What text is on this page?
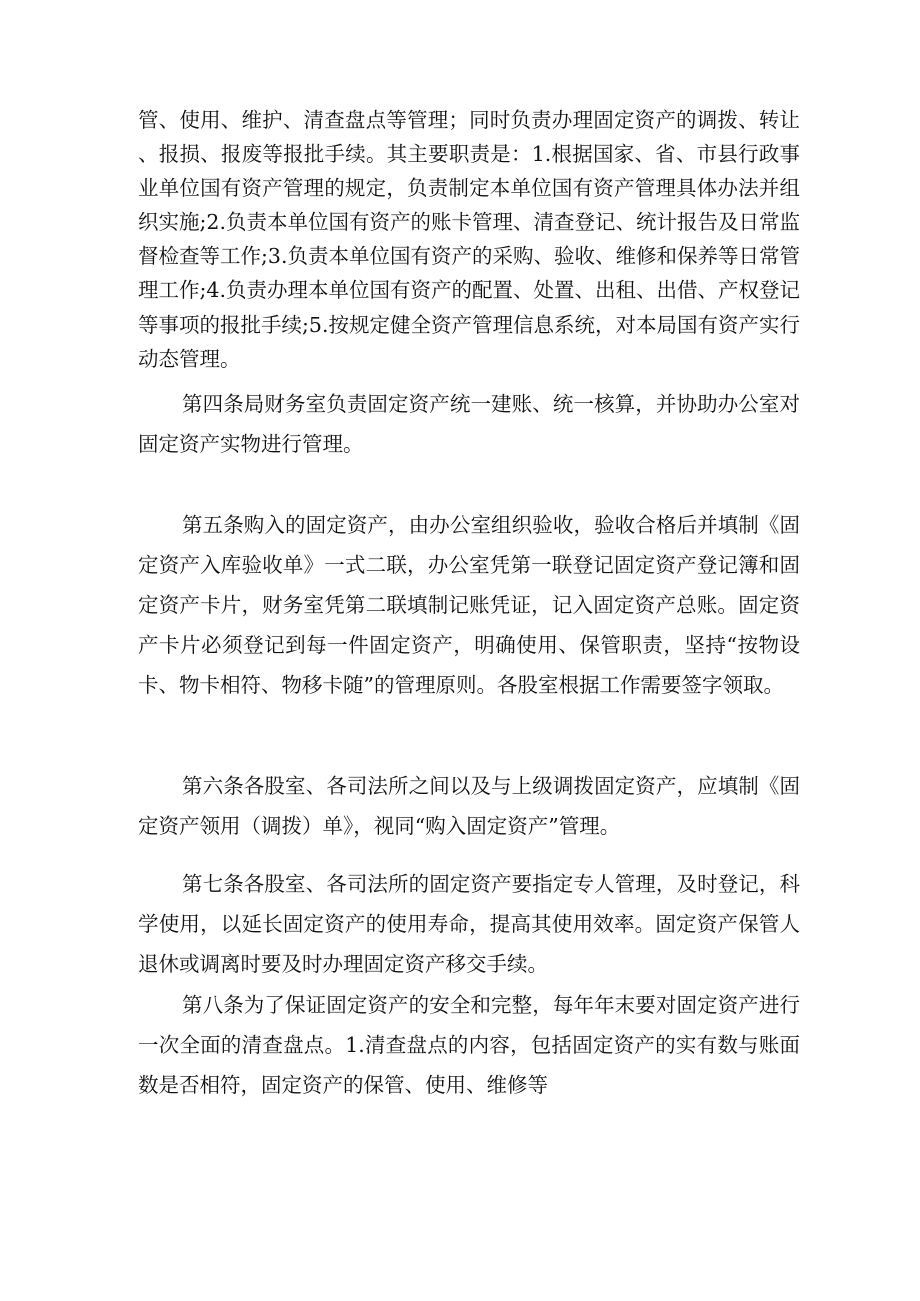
管、使用、维护、清查盘点等管理；同时负责办理固定资产的调拨、转让、报损、报废等报批手续。其主要职责是：1.根据国家、省、市县行政事业单位国有资产管理的规定，负责制定本单位国有资产管理具体办法并组织实施;2.负责本单位国有资产的账卡管理、清查登记、统计报告及日常监督检查等工作;3.负责本单位国有资产的采购、验收、维修和保养等日常管理工作;4.负责办理本单位国有资产的配置、处置、出租、出借、产权登记等事项的报批手续;5.按规定健全资产管理信息系统，对本局国有资产实行动态管理。

第四条局财务室负责固定资产统一建账、统一核算，并协助办公室对固定资产实物进行管理。

第五条购入的固定资产，由办公室组织验收，验收合格后并填制《固定资产入库验收单》一式二联，办公室凭第一联登记固定资产登记簿和固定资产卡片，财务室凭第二联填制记账凭证，记入固定资产总账。固定资产卡片必须登记到每一件固定资产，明确使用、保管职责，坚持“按物设卡、物卡相符、物移卡随”的管理原则。各股室根据工作需要签字领取。

第六条各股室、各司法所之间以及与上级调拨固定资产，应填制《固定资产领用（调拨）单》，视同“购入固定资产”管理。

第七条各股室、各司法所的固定资产要指定专人管理，及时登记，科学使用，以延长固定资产的使用寿命，提高其使用效率。固定资产保管人退休或调离时要及时办理固定资产移交手续。

第八条为了保证固定资产的安全和完整，每年年末要对固定资产进行一次全面的清查盘点。1.清查盘点的内容，包括固定资产的实有数与账面数是否相符，固定资产的保管、使用、维修等
